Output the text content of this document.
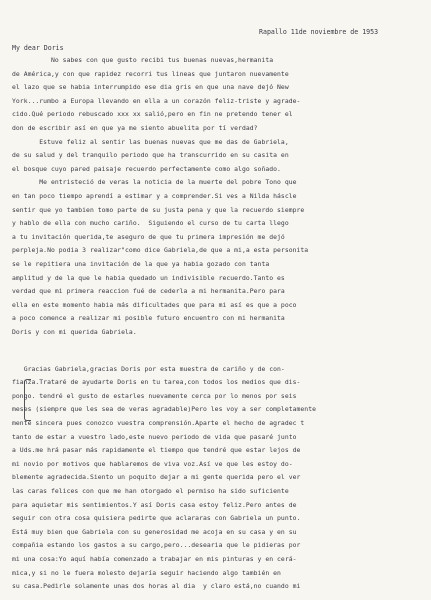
Rapallo 11de noviembre de 1953
My dear Doris
No sabes con que gusto recibi tus buenas nuevas,hermanita
de América,y con que rapidez recorri tus lineas que juntaron nuevamente
el lazo que se habia interrumpido ese dia gris en que una nave dejó New
York...rumbo a Europa llevando en ella a un corazón feliz-triste y agrade-
cido.Qué periodo rebuscado xxx xx salió,pero en fin ne pretendo tener el
don de escribir así en que ya me siento abuelita por tí verdad?
Estuve feliz al sentir las buenas nuevas que me das de Gabriela,
de su salud y del tranquilo periodo que ha transcurrido en su casita en
el bosque cuyo pared paisaje recuerdo perfectamente como algo soñado.
Me entristeció de veras la noticia de la muerte del pobre Tono que
en tan poco tiempo aprendí a estimar y a comprender.Si ves a Nilda háscle
sentir que yo tambien tomo parte de su justa pena y que la recuerdo siempre
y hablo de ella con mucho cariño.  Siguiendo el curso de tu carta llego
a tu invitación querida,te aseguro de que tu primera impresión me dejó
perpleja.No podia 3 realizar"como dice Gabriela,de que a mi,a esta personita
se le repitiera una invitación de la que ya habia gozado con tanta
amplitud y de la que le habia quedado un indivisible recuerdo.Tanto es
verdad que mi primera reaccion fué de cederla a mi hermanita.Pero para
ella en este momento habia más dificultades que para mi así es que a poco
a poco comence a realizar mi posible futuro encuentro con mi hermanita
Doris y con mi querida Gabriela.
Gracias Gabriela,gracias Doris por esta muestra de cariño y de con-
fianza.Trataré de ayudarte Doris en tu tarea,con todos los medios que dis-
pongo. tendré el gusto de estarles nuevamente cerca por lo menos por seis
meses (siempre que les sea de veras agradable)Pero les voy a ser completamente
mente sincera pues conozco vuestra comprensión.Aparte el hecho de agradec t
tanto de estar a vuestro lado,este nuevo periodo de vida que pasaré junto
a Uds.me hrá pasar más rapidamente el tiempo que tendré que estar lejos de
mi novio por motivos que hablaremos de viva voz.Así ve que les estoy do-
blemente agradecida.Siento un poquito dejar a mi gente querida pero el ver
las caras felices con que me han otorgado el permiso ha sido suficiente
para aquietar mis sentimientos.Y así Doris casa estoy feliz.Pero antes de
seguir con otra cosa quisiera pedirte que aclararas con Gabriela un punto.
Está muy bien que Gabriela con su generosidad me acoja en su casa y en su
compañia estando los gastos a su cargo,pero...desearia que le pidieras por
mi una cosa:Yo aquí había comenzado a trabajar en mis pinturas y en cerá-
mica,y si no le fuera molesto dejaría seguir haciendo algo también en
su casa.Pedirle solamente unas dos horas al dia  y claro está,no cuando mi
